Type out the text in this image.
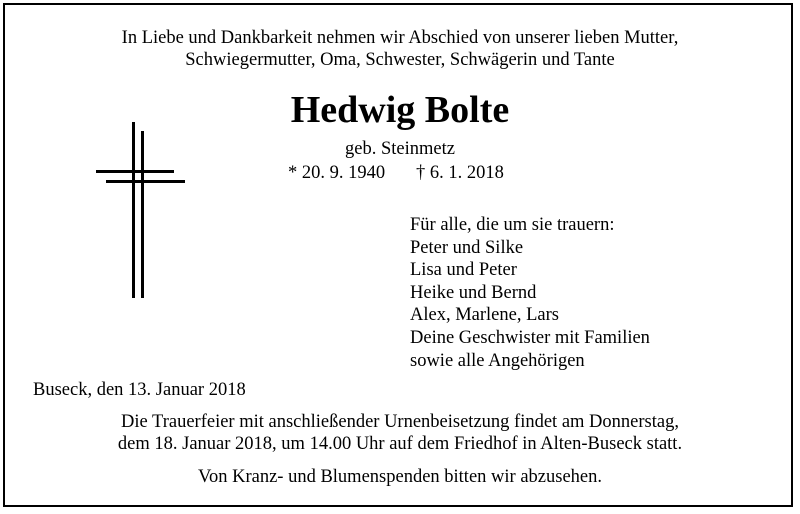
In Liebe und Dankbarkeit nehmen wir Abschied von unserer lieben Mutter,
Schwiegermutter, Oma, Schwester, Schwägerin und Tante
Hedwig Bolte
geb. Steinmetz
* 20. 9. 1940 † 6. 1. 2018
Für alle, die um sie trauern:
Peter und Silke
Lisa und Peter
Heike und Bernd
Alex, Marlene, Lars
Deine Geschwister mit Familien
sowie alle Angehörigen
Buseck, den 13. Januar 2018
Die Trauerfeier mit anschließender Urnenbeisetzung findet am Donnerstag,
dem 18. Januar 2018, um 14.00 Uhr auf dem Friedhof in Alten-Buseck statt.
Von Kranz- und Blumenspenden bitten wir abzusehen.
